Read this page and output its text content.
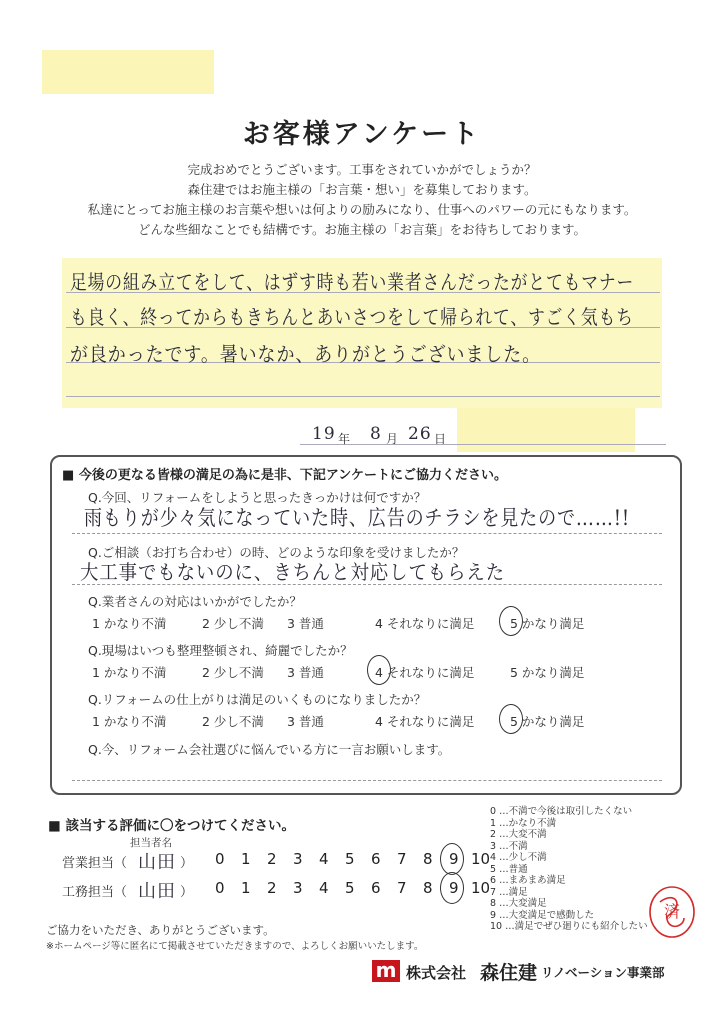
お客様アンケート
完成おめでとうございます。工事をされていかがでしょうか？
森住建ではお施主様の「お言葉・想い」を募集しております。
私達にとってお施主様のお言葉や想いは何よりの励みになり、仕事へのパワーの元にもなります。
どんな些細なことでも結構です。お施主様の「お言葉」をお待ちしております。
足場の組み立てをして、はずす時も若い業者さんだったがとてもマナー
も良く、終ってからもきちんとあいさつをして帰られて、すごく気もち
が良かったです。暑いなか、ありがとうございました。
19 年 8 月 26 日
■ 今後の更なる皆様の満足の為に是非、下記アンケートにご協力ください。
Q.今回、リフォームをしようと思ったきっかけは何ですか？
雨もりが少々気になっていた時、広告のチラシを見たので……!!
Q.ご相談（お打ち合わせ）の時、どのような印象を受けましたか？
大工事でもないのに、きちんと対応してもらえた
Q.業者さんの対応はいかがでしたか？
1 かなり不満	2 少し不満 3 普通	4 それなりに満足	5 かなり満足
Q.現場はいつも整理整頓され、綺麗でしたか？
1 かなり不満	2 少し不満 3 普通	4 それなりに満足	5 かなり満足
Q.リフォームの仕上がりは満足のいくものになりましたか？
1 かなり不満	2 少し不満 3 普通	4 それなりに満足	5 かなり満足
Q.今、リフォーム会社選びに悩んでいる方に一言お願いします。
■ 該当する評価に〇をつけてください。
担当者名
営業担当（ 山田 ） 0 1 2 3 4 5 6 7 8 9 10
工務担当（ 山田 ） 0 1 2 3 4 5 6 7 8 9 10
0 …不満で今後は取引したくない
1 …かなり不満
2 …大変不満
3 …不満
4 …少し不満
5 …普通
6 …まあまあ満足
7 …満足
8 …大変満足
9 …大変満足で感動した
10 …満足でぜひ廻りにも紹介したい
済
ご協力をいただき、ありがとうございます。
※ホームページ等に匿名にて掲載させていただきますので、よろしくお願いいたします。
m 株式会社 森住建 リノベーション事業部
